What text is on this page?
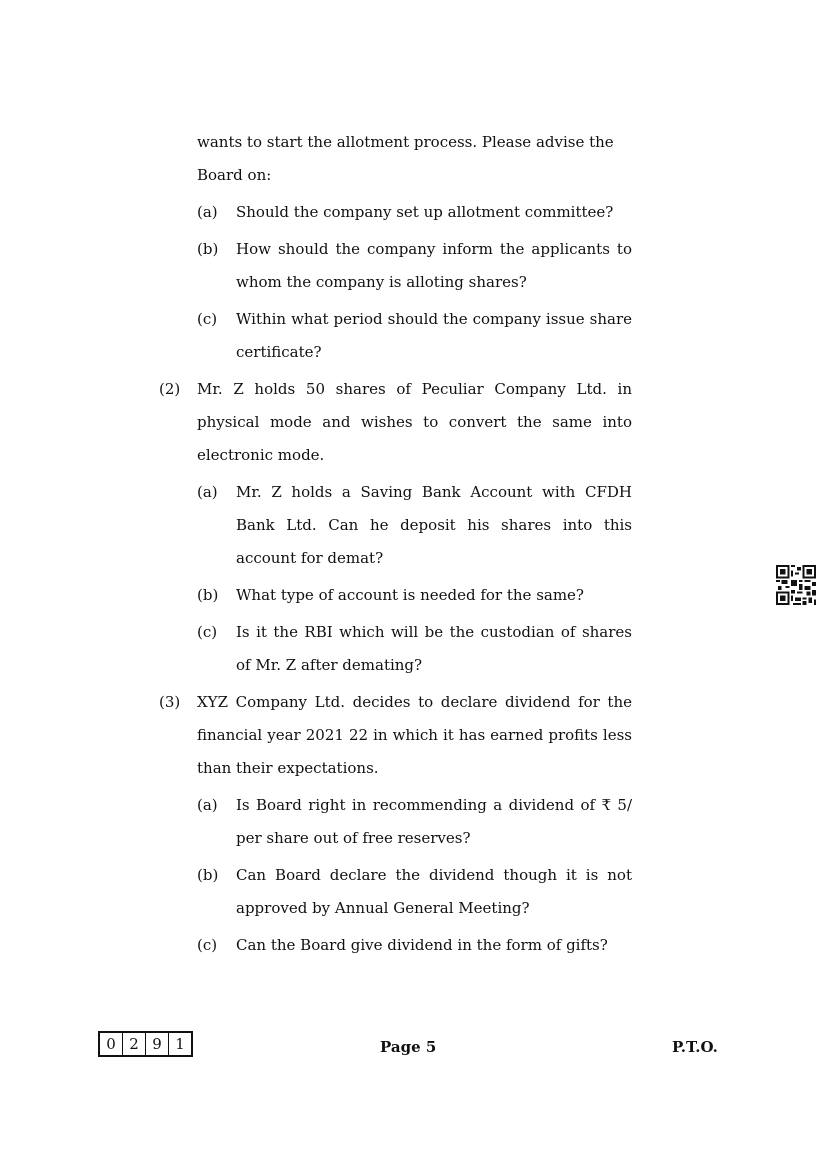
wants to start the allotment process. Please advise the
Board on:
(a)	Should the company set up allotment committee?
(b)	How should the company inform the applicants to whom the company is alloting shares?
(c)	Within what period should the company issue share certificate?
(2) Mr. Z holds 50 shares of Peculiar Company Ltd. in physical mode and wishes to convert the same into electronic mode.
(a)	Mr. Z holds a Saving Bank Account with CFDH Bank Ltd. Can he deposit his shares into this account for demat?
(b)	What type of account is needed for the same?
(c)	Is it the RBI which will be the custodian of shares of Mr. Z after demating?
(3) XYZ Company Ltd. decides to declare dividend for the financial year 2021 22 in which it has earned profits less than their expectations.
(a)	Is Board right in recommending a dividend of ₹ 5/ per share out of free reserves?
(b)	Can Board declare the dividend though it is not approved by Annual General Meeting?
(c)	Can the Board give dividend in the form of gifts?
0 2 9 1	Page 5	P.T.O.
